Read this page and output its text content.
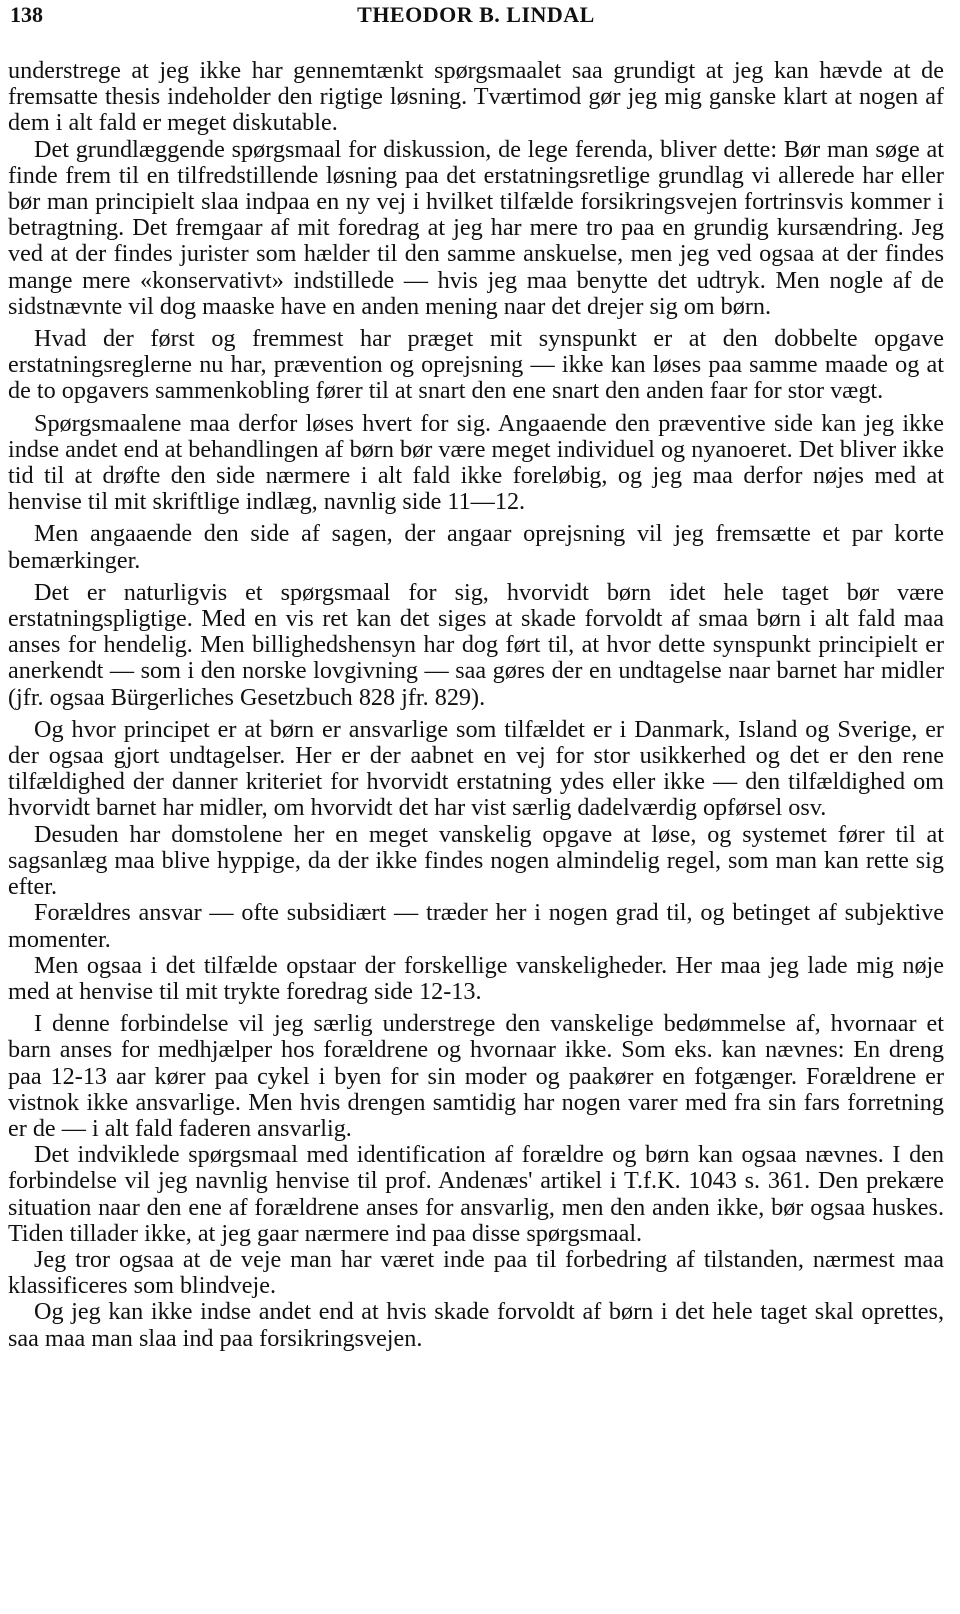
138	THEODOR B. LINDAL

understrege at jeg ikke har gennemtænkt spørgsmaalet saa grundigt at jeg kan hævde at de fremsatte thesis indeholder den rigtige løsning. Tværtimod gør jeg mig ganske klart at nogen af dem i alt fald er meget diskutable.

Det grundlæggende spørgsmaal for diskussion, de lege ferenda, bliver dette: Bør man søge at finde frem til en tilfredstillende løsning paa det erstatningsretlige grundlag vi allerede har eller bør man principielt slaa indpaa en ny vej i hvilket tilfælde forsikringsvejen fortrinsvis kommer i betragtning. Det fremgaar af mit foredrag at jeg har mere tro paa en grundig kursændring. Jeg ved at der findes jurister som hælder til den samme anskuelse, men jeg ved ogsaa at der findes mange mere «konservativt» indstillede — hvis jeg maa benytte det udtryk. Men nogle af de sidstnævnte vil dog maaske have en anden mening naar det drejer sig om børn.

Hvad der først og fremmest har præget mit synspunkt er at den dobbelte opgave erstatningsreglerne nu har, prævention og oprejsning — ikke kan løses paa samme maade og at de to opgavers sammenkobling fører til at snart den ene snart den anden faar for stor vægt.

Spørgsmaalene maa derfor løses hvert for sig. Angaaende den præventive side kan jeg ikke indse andet end at behandlingen af børn bør være meget individuel og nyanoeret. Det bliver ikke tid til at drøfte den side nærmere i alt fald ikke foreløbig, og jeg maa derfor nøjes med at henvise til mit skriftlige indlæg, navnlig side 11—12.

Men angaaende den side af sagen, der angaar oprejsning vil jeg fremsætte et par korte bemærkinger.

Det er naturligvis et spørgsmaal for sig, hvorvidt børn idet hele taget bør være erstatningspligtige. Med en vis ret kan det siges at skade forvoldt af smaa børn i alt fald maa anses for hendelig. Men billighedshensyn har dog ført til, at hvor dette synspunkt principielt er anerkendt — som i den norske lovgivning — saa gøres der en undtagelse naar barnet har midler (jfr. ogsaa Bürgerliches Gesetzbuch 828 jfr. 829).

Og hvor principet er at børn er ansvarlige som tilfældet er i Danmark, Island og Sverige, er der ogsaa gjort undtagelser. Her er der aabnet en vej for stor usikkerhed og det er den rene tilfældighed der danner kriteriet for hvorvidt erstatning ydes eller ikke — den tilfældighed om hvorvidt barnet har midler, om hvorvidt det har vist særlig dadelværdig opførsel osv.

Desuden har domstolene her en meget vanskelig opgave at løse, og systemet fører til at sagsanlæg maa blive hyppige, da der ikke findes nogen almindelig regel, som man kan rette sig efter.

Forældres ansvar — ofte subsidiært — træder her i nogen grad til, og betinget af subjektive momenter.

Men ogsaa i det tilfælde opstaar der forskellige vanskeligheder. Her maa jeg lade mig nøje med at henvise til mit trykte foredrag side 12-13.

I denne forbindelse vil jeg særlig understrege den vanskelige bedømmelse af, hvornaar et barn anses for medhjælper hos forældrene og hvornaar ikke. Som eks. kan nævnes: En dreng paa 12-13 aar kører paa cykel i byen for sin moder og paakører en fotgænger. Forældrene er vistnok ikke ansvarlige. Men hvis drengen samtidig har nogen varer med fra sin fars forretning er de — i alt fald faderen ansvarlig.

Det indviklede spørgsmaal med identification af forældre og børn kan ogsaa nævnes. I den forbindelse vil jeg navnlig henvise til prof. Andenæs' artikel i T.f.K. 1043 s. 361. Den prekære situation naar den ene af forældrene anses for ansvarlig, men den anden ikke, bør ogsaa huskes. Tiden tillader ikke, at jeg gaar nærmere ind paa disse spørgsmaal.

Jeg tror ogsaa at de veje man har været inde paa til forbedring af tilstanden, nærmest maa klassificeres som blindveje.

Og jeg kan ikke indse andet end at hvis skade forvoldt af børn i det hele taget skal oprettes, saa maa man slaa ind paa forsikringsvejen.
